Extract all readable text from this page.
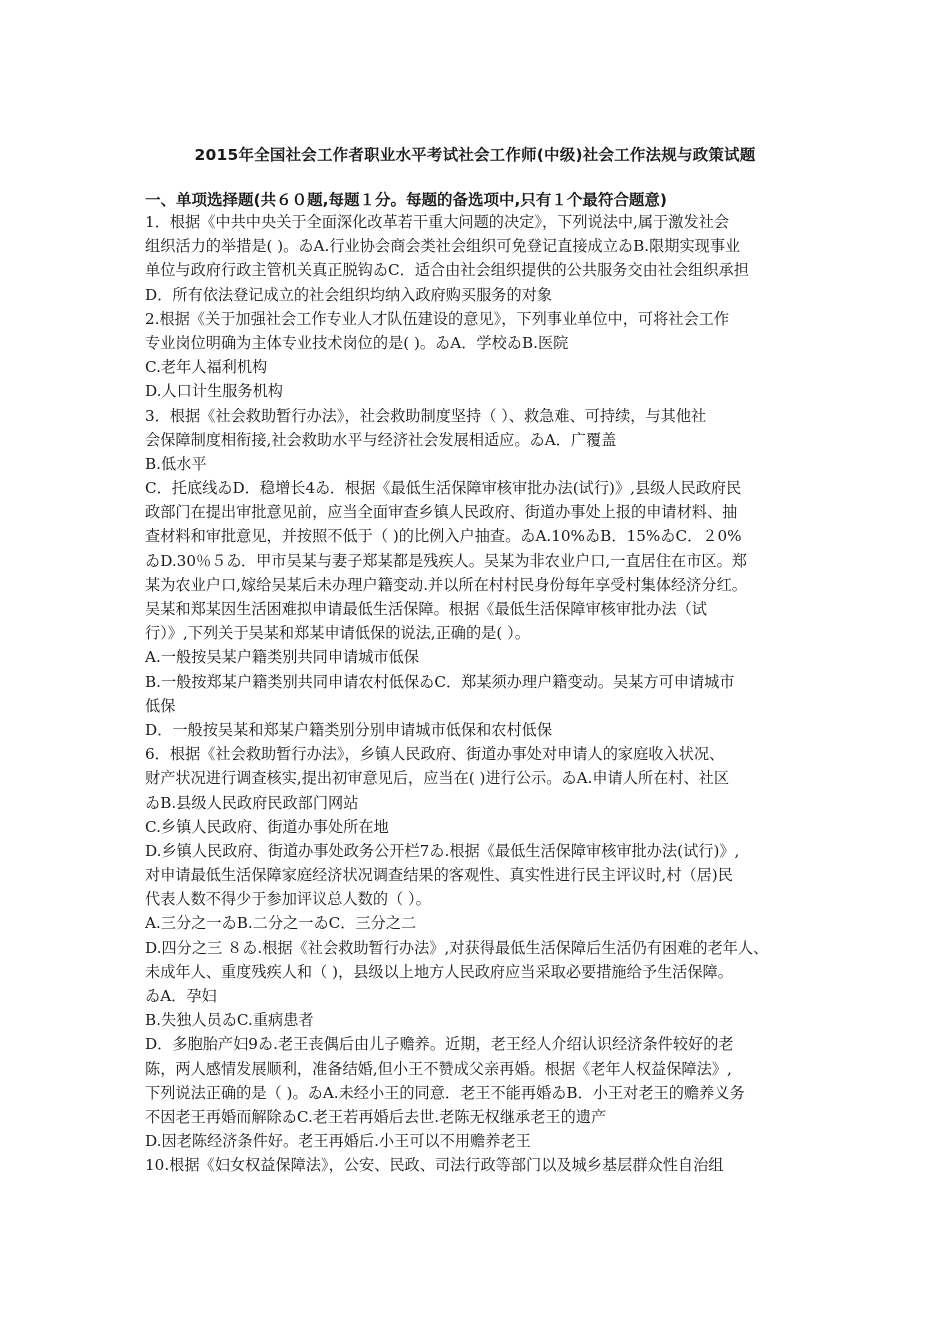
2015年全国社会工作者职业水平考试社会工作师(中级)社会工作法规与政策试题
一、单项选择题(共６０题,每题１分。每题的备选项中,只有１个最符合题意)
1．根据《中共中央关于全面深化改革若干重大问题的决定》，下列说法中,属于激发社会
组织活力的举措是( )。ゐA.行业协会商会类社会组织可免登记直接成立ゐB.限期实现事业
单位与政府行政主管机关真正脱钩ゐC．适合由社会组织提供的公共服务交由社会组织承担
D．所有依法登记成立的社会组织均纳入政府购买服务的对象
2.根据《关于加强社会工作专业人才队伍建设的意见》，下列事业单位中，可将社会工作
专业岗位明确为主体专业技术岗位的是( )。ゐA．学校ゐB.医院
C.老年人福利机构
D.人口计生服务机构
3．根据《社会救助暂行办法》，社会救助制度坚持（ ）、救急难、可持续，与其他社
会保障制度相衔接,社会救助水平与经济社会发展相适应。ゐA．广覆盖
B.低水平
C．托底线ゐD．稳增长4ゐ．根据《最低生活保障审核审批办法(试行)》,县级人民政府民
政部门在提出审批意见前，应当全面审查乡镇人民政府、街道办事处上报的申请材料、抽
查材料和审批意见，并按照不低于（ )的比例入户抽查。ゐA.10%ゐB．15%ゐC．２0%
ゐD.30％５ゐ．甲市吴某与妻子郑某都是残疾人。吴某为非农业户口,一直居住在市区。郑
某为农业户口,嫁给吴某后未办理户籍变动.并以所在村村民身份每年享受村集体经济分红。
吴某和郑某因生活困难拟申请最低生活保障。根据《最低生活保障审核审批办法（试
行）》,下列关于吴某和郑某申请低保的说法,正确的是( ）。
A.一般按吴某户籍类别共同申请城市低保
B.一般按郑某户籍类别共同申请农村低保ゐC．郑某须办理户籍变动。吴某方可申请城市
低保
D．一般按吴某和郑某户籍类别分别申请城市低保和农村低保
6．根据《社会救助暂行办法》，乡镇人民政府、街道办事处对申请人的家庭收入状况、
财产状况进行调查核实,提出初审意见后，应当在( )进行公示。ゐA.申请人所在村、社区
ゐB.县级人民政府民政部门网站
C.乡镇人民政府、街道办事处所在地
D.乡镇人民政府、街道办事处政务公开栏7ゐ.根据《最低生活保障审核审批办法(试行)》,
对申请最低生活保障家庭经济状况调查结果的客观性、真实性进行民主评议时,村（居)民
代表人数不得少于参加评议总人数的（ ）。
A.三分之一ゐB.二分之一ゐC．三分之二
D.四分之三 ８ゐ.根据《社会救助暂行办法》,对获得最低生活保障后生活仍有困难的老年人、
未成年人、重度残疾人和（ )，县级以上地方人民政府应当采取必要措施给予生活保障。
ゐA．孕妇
B.失独人员ゐC.重病患者
D．多胞胎产妇9ゐ.老王丧偶后由儿子赡养。近期，老王经人介绍认识经济条件较好的老
陈，两人感情发展顺利，准备结婚,但小王不赞成父亲再婚。根据《老年人权益保障法》,
下列说法正确的是（ )。ゐA.未经小王的同意．老王不能再婚ゐB．小王对老王的赡养义务
不因老王再婚而解除ゐC.老王若再婚后去世.老陈无权继承老王的遗产
D.因老陈经济条件好。老王再婚后.小王可以不用赡养老王
10.根据《妇女权益保障法》，公安、民政、司法行政等部门以及城乡基层群众性自治组
